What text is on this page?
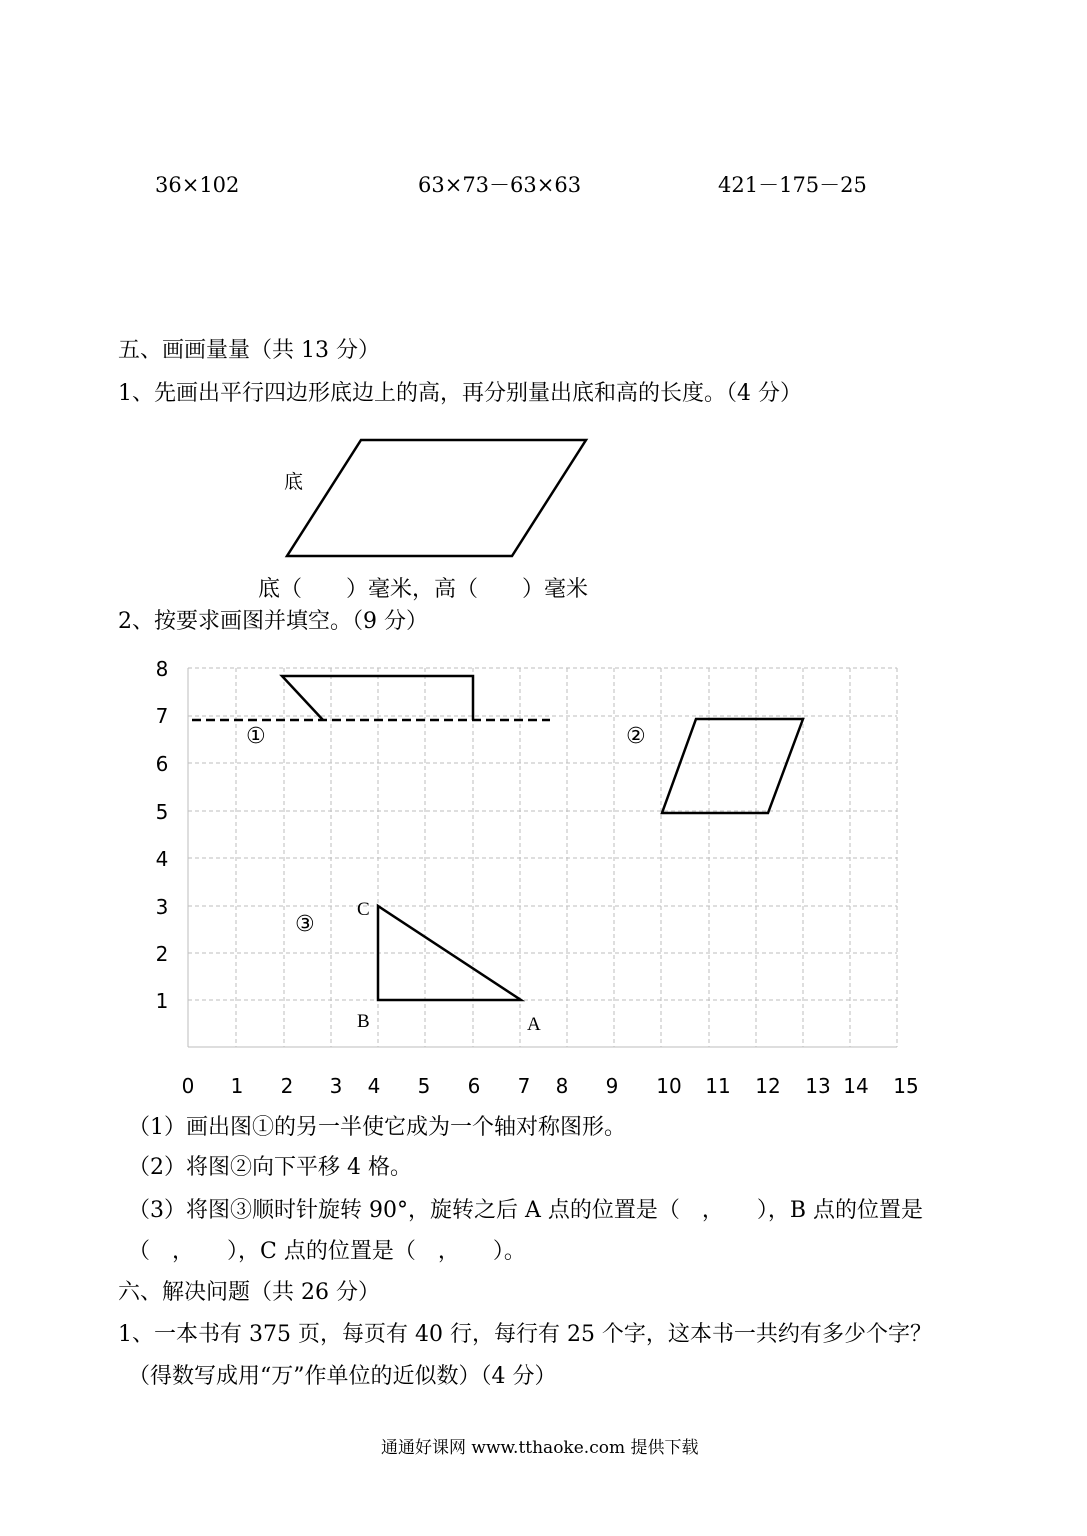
36×102	63×73－63×63	421－175－25
五、画画量量（共 13 分）
1、先画出平行四边形底边上的高，再分别量出底和高的长度。（4 分）
底
底（　　）毫米，高（　　）毫米
2、按要求画图并填空。（9 分）
8
7
6
5
4
3
2
1
0 1 2 3 4 5 6 7 8 9 10 11 12 13 14 15
①	②
③
C
B	A
（1）画出图①的另一半使它成为一个轴对称图形。
（2）将图②向下平移 4 格。
（3）将图③顺时针旋转 90°，旋转之后 A 点的位置是（　，　　），B 点的位置是
（　，　　），C 点的位置是（　，　　）。
六、解决问题（共 26 分）
1、一本书有 375 页，每页有 40 行，每行有 25 个字，这本书一共约有多少个字？
（得数写成用“万”作单位的近似数）（4 分）
通通好课网 www.tthaoke.com 提供下载
